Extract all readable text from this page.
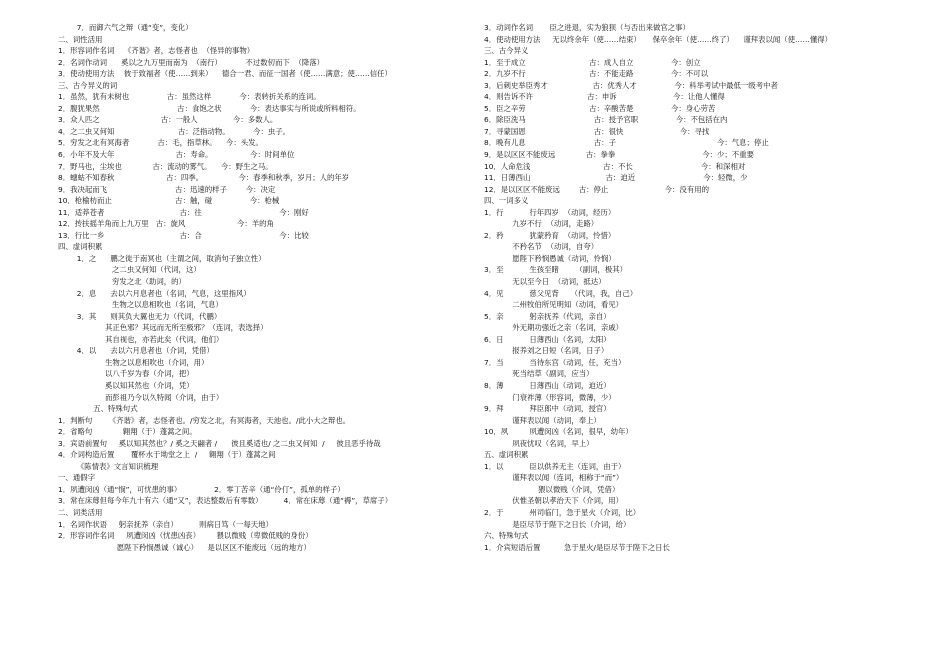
7．而御六气之辩（通“变”，变化）
二、词性活用
1．形容词作名词    《齐谐》者，志怪者也  （怪异的事物）
2．名词作动词      奚以之九万里而南为  （南行）          不过数仞而下  （降落）
3．使动使用方法    彼于致福者（使……到来）    德合一君、而征一国者（使……满意；使……信任）
三、古今异义的词
1．虽然，犹有未树也                古：虽然这样            今：表转折关系的连词。
2．腹犹果然                                 古：食饱之状            今：表达事实与所说或所料相符。
3．众人匹之                          古：一般人               今：多数人。
4．之二虫又何知                           古：泛指动物。          今：虫子。
5．穷发之北有冥海者            古：毛，指草林。    今：头发。
6．小年不及大年                          古：寿命。                今：时间单位
7．野马也，尘埃也             古：流动的雾气。    今：野生之马。
8．蟪蛄不知春秋                      古：四季。               今：春季和秋季，岁月；人的年岁
9．我决起而飞                             古：迅速的样子        今：决定
10．枪榆枋而止                           古：触，碰                今：枪械
11．适莽苍者                                古：往                                 今：刚好
12．抟扶摇羊角而上九万里   古：旋风                      今：羊的角
13．行比一乡                                古：合                                 今：比较
四、虚词积累
1．之      鹏之徙于南冥也（主谓之间，取消句子独立性）
之二虫又何知（代词，这）
穷发之北（助词，的）
2．息      去以六月息者也（名词，气息，这里指风）
生物之以息相吹也（名词，气息）
3．其      则其负大翼也无力（代词，代鹏）
其正色邪？其远而无所至极邪？（连词，表选择）
其自视也，亦若此矣（代词，他们）
4．以      去以六月息者也（介词，凭借）
生物之以息相吹也（介词，用）
以八千岁为春（介词，把）
奚以知其然也（介词，凭）
而彭祖乃今以久特闻（介词，由于）
五、特殊句式
1．判断句       《齐谐》者，志怪者也。/穷发之北，有冥海者，天池也。/此小大之辩也。
2．省略句             翱翔（于）蓬蒿之间。
3．宾语前置句     奚以知其然也？/ 奚之天翮者 /      彼且奚适也/ 之二虫又何知  /     彼且恶乎待哉
4．介词构造后置       覆杯水于坳堂之上  /     翱翔（于）蓬蒿之间
《陈情表》文言知识梳理
一、通假字
1．夙遭闵凶（通“悯”，可忧患的事）              2．零丁苦辛（通“伶仃”，孤单的样子）
3．常在床蓐但每今年九十有六（通“又”，表达整数后有零数）         4．常在床蓐（通“褥”，草席子）
二、词类活用
1．名词作状语     躬亲抚养（亲自）         则病日笃（一每天地）
2．形容词作名词     夙遭闵凶（忧患凶丧）       猥以微贱（卑微低贱的身份）
愿陛下矜悯愚诚（诚心）    是以区区不能废远（远的地方）
3．动词作名词       臣之进退，实为狼狈（与否出来做官之事）
4．使动使用方法     无以终余年（使……结束）     保卒余年（使……终了）    谨拜表以闻（使……懂得）
三、古今异义
1．至于成立                           古：成人自立                今：创立
2．九岁不行                           古：不能走路                今：不可以
3．后刺史举臣秀才                   古：优秀人才                今：科举考试中最低一级考中者
4．则告诉不许                       古：申诉                        今：让他人懂得
5．臣之辛劳                           古：辛酸苦楚                今：身心劳苦
6．除臣洗马                             古：授予官职                今：不包括在内
7．寻蒙国恩                             古：很快                        今：寻找
8．晚有儿息                             古：子                                           今：气息；停止
9．是以区区不能废远             古：拳拳                                     今：少；不重要
10．人命危浅                               古：不长                             今：和深相对
11．日薄西山                                古：迫近                             今：轻微，少
12．是以区区不能废远        古：停止                        今：没有用的
四、一词多义
1．行           行年四岁  （动词，经历）
九岁不行  （动词，走路）
2．矜           犹蒙矜育  （动词，怜惜）
不矜名节  （动词，自夸）
愿陛下矜悯愚诚（动词，怜悯）
3．至           生孩至睹       （副词，极其）
无以至今日  （动词，抵达）
4．见           慈父见背     （代词，我，自己）
二州牧伯所见明知（动词，看见）
5．亲           躬亲抚养（代词，亲自）
外无期功强近之亲（名词，亲戚）
6．日           日薄西山（名词，太阳）
报养刘之日短（名词，日子）
7．当           当待东宫（动词，任，充当）
死当结草（副词，应当）
8．薄           日薄西山（动词，迫近）
门衰祚薄（形容词，微薄，少）
9．拜           拜臣郎中（动词，授官）
谨拜表以闻（动词，奉上）
10．夙         夙遭闵凶（名词，很早，幼年）
夙夜忧叹（名词，早上）
五、虚词积累
1．以           臣以供养无主（连词，由于）
谨拜表以闻（连词，相称于“而”）
猥以微贱（介词，凭借）
伏惟圣朝以孝治天下（介词，用）
2．于           州司临门，急于星火（介词，比）
是臣尽节于陛下之日长（介词，给）
六、特殊句式
1．介宾短语后置          急于星火/是臣尽节于陛下之日长
